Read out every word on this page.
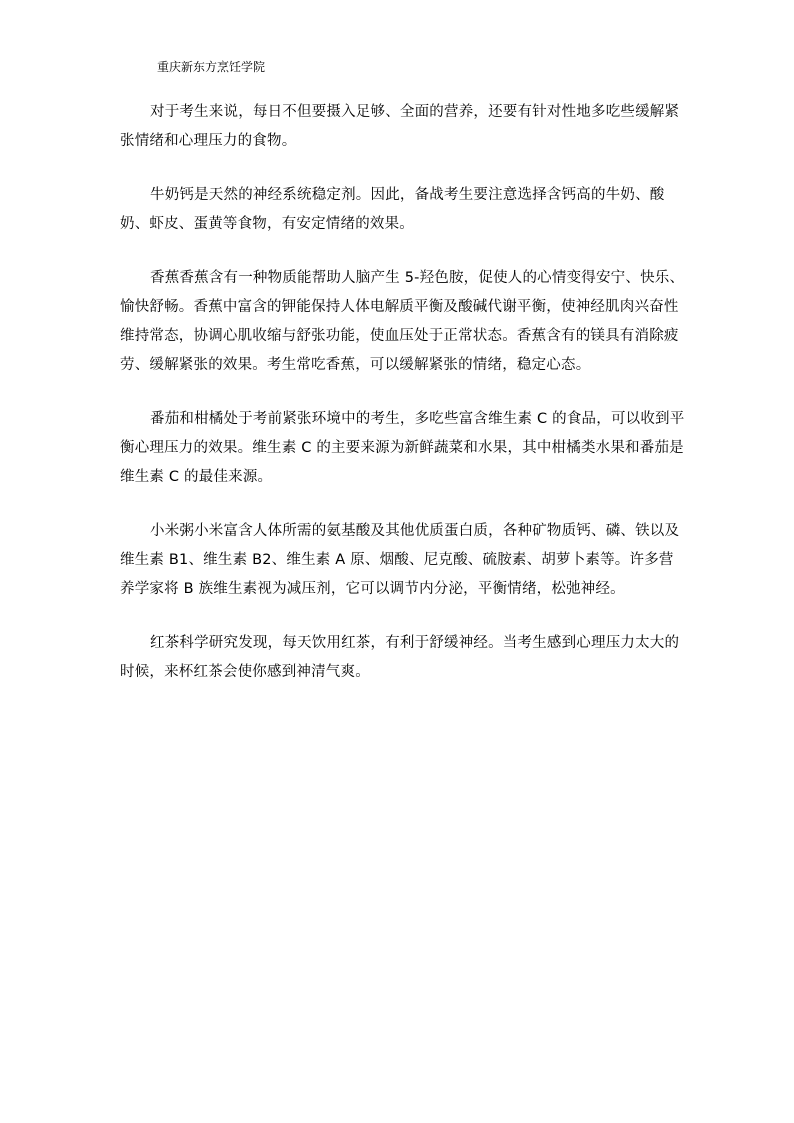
重庆新东方烹饪学院

对于考生来说，每日不但要摄入足够、全面的营养，还要有针对性地多吃些缓解紧张情绪和心理压力的食物。

牛奶钙是天然的神经系统稳定剂。因此，备战考生要注意选择含钙高的牛奶、酸奶、虾皮、蛋黄等食物，有安定情绪的效果。

香蕉香蕉含有一种物质能帮助人脑产生 5-羟色胺，促使人的心情变得安宁、快乐、愉快舒畅。香蕉中富含的钾能保持人体电解质平衡及酸碱代谢平衡，使神经肌肉兴奋性维持常态，协调心肌收缩与舒张功能，使血压处于正常状态。香蕉含有的镁具有消除疲劳、缓解紧张的效果。考生常吃香蕉，可以缓解紧张的情绪，稳定心态。

番茄和柑橘处于考前紧张环境中的考生，多吃些富含维生素 C 的食品，可以收到平衡心理压力的效果。维生素 C 的主要来源为新鲜蔬菜和水果，其中柑橘类水果和番茄是维生素 C 的最佳来源。

小米粥小米富含人体所需的氨基酸及其他优质蛋白质，各种矿物质钙、磷、铁以及维生素 B1、维生素 B2、维生素 A 原、烟酸、尼克酸、硫胺素、胡萝卜素等。许多营养学家将 B 族维生素视为减压剂，它可以调节内分泌，平衡情绪，松弛神经。

红茶科学研究发现，每天饮用红茶，有利于舒缓神经。当考生感到心理压力太大的时候，来杯红茶会使你感到神清气爽。
